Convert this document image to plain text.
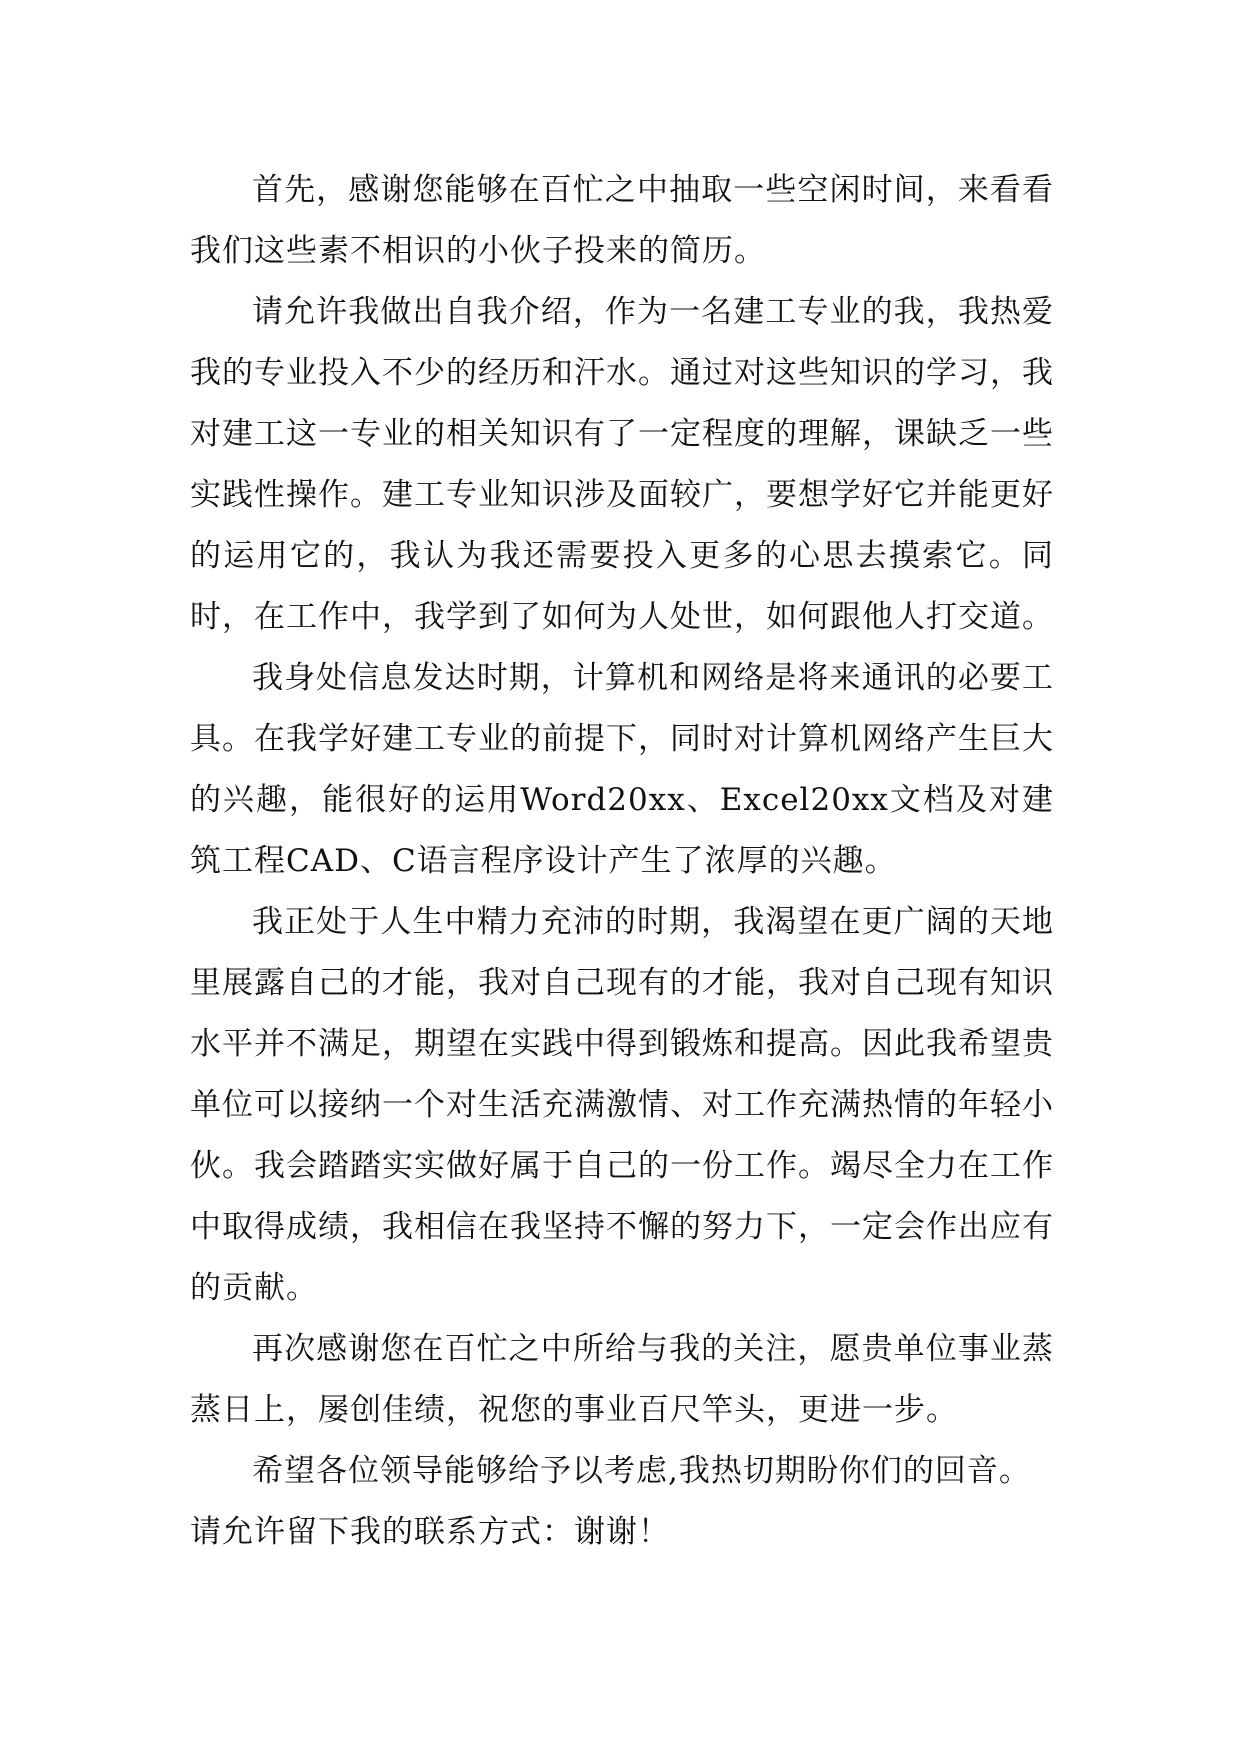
首先，感谢您能够在百忙之中抽取一些空闲时间，来看看我们这些素不相识的小伙子投来的简历。

请允许我做出自我介绍，作为一名建工专业的我，我热爱我的专业投入不少的经历和汗水。通过对这些知识的学习，我对建工这一专业的相关知识有了一定程度的理解，课缺乏一些实践性操作。建工专业知识涉及面较广，要想学好它并能更好的运用它的，我认为我还需要投入更多的心思去摸索它。同时，在工作中，我学到了如何为人处世，如何跟他人打交道。

我身处信息发达时期，计算机和网络是将来通讯的必要工具。在我学好建工专业的前提下，同时对计算机网络产生巨大的兴趣，能很好的运用Word20xx、Excel20xx文档及对建筑工程CAD、C语言程序设计产生了浓厚的兴趣。

我正处于人生中精力充沛的时期，我渴望在更广阔的天地里展露自己的才能，我对自己现有的才能，我对自己现有知识水平并不满足，期望在实践中得到锻炼和提高。因此我希望贵单位可以接纳一个对生活充满激情、对工作充满热情的年轻小伙。我会踏踏实实做好属于自己的一份工作。竭尽全力在工作中取得成绩，我相信在我坚持不懈的努力下，一定会作出应有的贡献。

再次感谢您在百忙之中所给与我的关注，愿贵单位事业蒸蒸日上，屡创佳绩，祝您的事业百尺竿头，更进一步。

希望各位领导能够给予以考虑,我热切期盼你们的回音。

请允许留下我的联系方式：谢谢！
